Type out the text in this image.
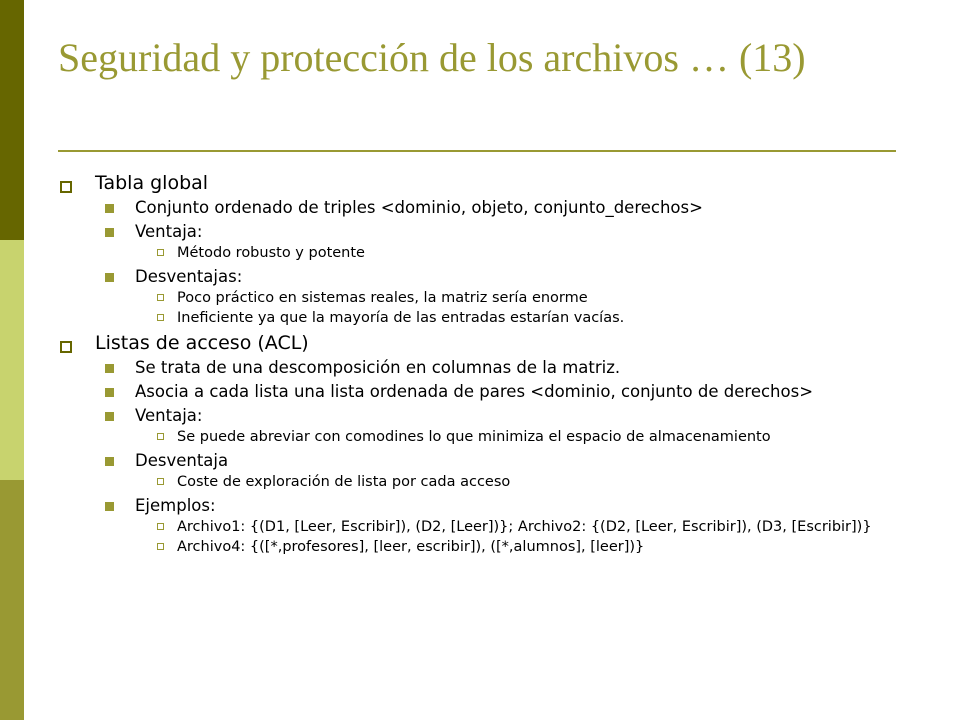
Seguridad y protección de los archivos … (13)
Tabla global
Conjunto ordenado de triples <dominio, objeto, conjunto_derechos>
Ventaja:
Método robusto y potente
Desventajas:
Poco práctico en sistemas reales, la matriz sería enorme
Ineficiente ya que la mayoría de las entradas estarían vacías.
Listas de acceso (ACL)
Se trata de una descomposición en columnas de la matriz.
Asocia a cada lista una lista ordenada de pares <dominio, conjunto de derechos>
Ventaja:
Se puede abreviar con comodines lo que minimiza el espacio de almacenamiento
Desventaja
Coste de exploración de lista por cada acceso
Ejemplos:
Archivo1: {(D1, [Leer, Escribir]), (D2, [Leer])}; Archivo2: {(D2, [Leer, Escribir]), (D3, [Escribir])}
Archivo4: {([*,profesores], [leer, escribir]), ([*,alumnos], [leer])}
